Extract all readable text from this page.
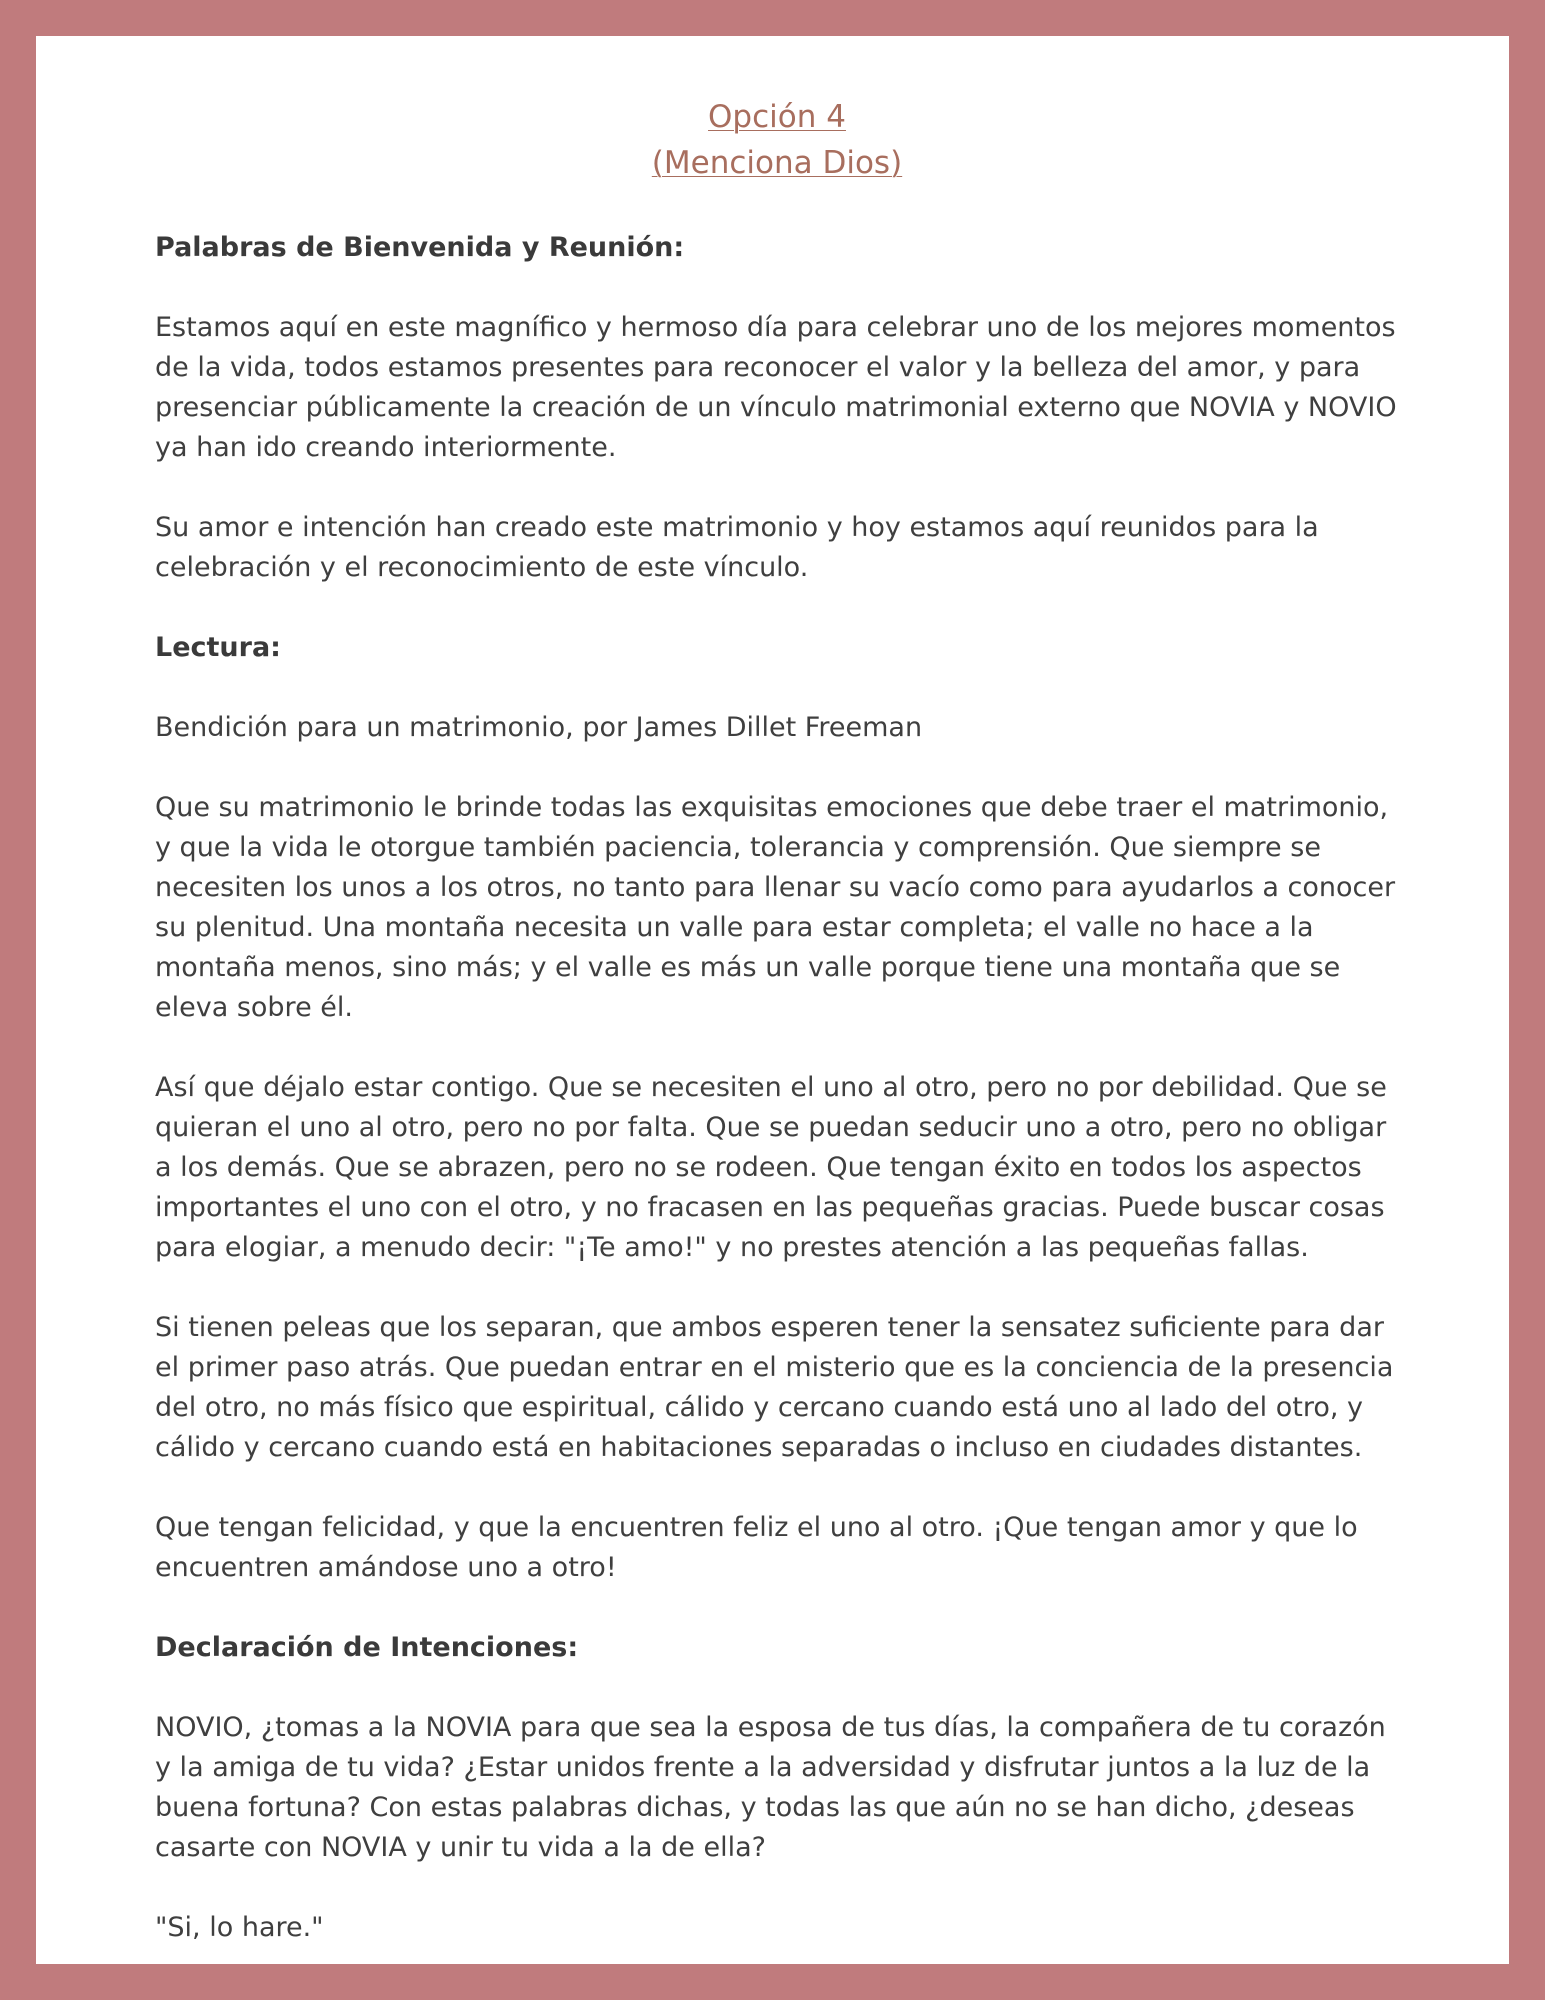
Opción 4
(Menciona Dios)

Palabras de Bienvenida y Reunión:

Estamos aquí en este magnífico y hermoso día para celebrar uno de los mejores momentos de la vida, todos estamos presentes para reconocer el valor y la belleza del amor, y para presenciar públicamente la creación de un vínculo matrimonial externo que NOVIA y NOVIO ya han ido creando interiormente.

Su amor e intención han creado este matrimonio y hoy estamos aquí reunidos para la celebración y el reconocimiento de este vínculo.

Lectura:

Bendición para un matrimonio, por James Dillet Freeman

Que su matrimonio le brinde todas las exquisitas emociones que debe traer el matrimonio, y que la vida le otorgue también paciencia, tolerancia y comprensión. Que siempre se necesiten los unos a los otros, no tanto para llenar su vacío como para ayudarlos a conocer su plenitud. Una montaña necesita un valle para estar completa; el valle no hace a la montaña menos, sino más; y el valle es más un valle porque tiene una montaña que se eleva sobre él.

Así que déjalo estar contigo. Que se necesiten el uno al otro, pero no por debilidad. Que se quieran el uno al otro, pero no por falta. Que se puedan seducir uno a otro, pero no obligar a los demás. Que se abrazen, pero no se rodeen. Que tengan éxito en todos los aspectos importantes el uno con el otro, y no fracasen en las pequeñas gracias. Puede buscar cosas para elogiar, a menudo decir: "¡Te amo!" y no prestes atención a las pequeñas fallas.

Si tienen peleas que los separan, que ambos esperen tener la sensatez suficiente para dar el primer paso atrás. Que puedan entrar en el misterio que es la conciencia de la presencia del otro, no más físico que espiritual, cálido y cercano cuando está uno al lado del otro, y cálido y cercano cuando está en habitaciones separadas o incluso en ciudades distantes.

Que tengan felicidad, y que la encuentren feliz el uno al otro. ¡Que tengan amor y que lo encuentren amándose uno a otro!

Declaración de Intenciones:

NOVIO, ¿tomas a la NOVIA para que sea la esposa de tus días, la compañera de tu corazón y la amiga de tu vida? ¿Estar unidos frente a la adversidad y disfrutar juntos a la luz de la buena fortuna? Con estas palabras dichas, y todas las que aún no se han dicho, ¿deseas casarte con NOVIA y unir tu vida a la de ella?

"Si, lo hare."
